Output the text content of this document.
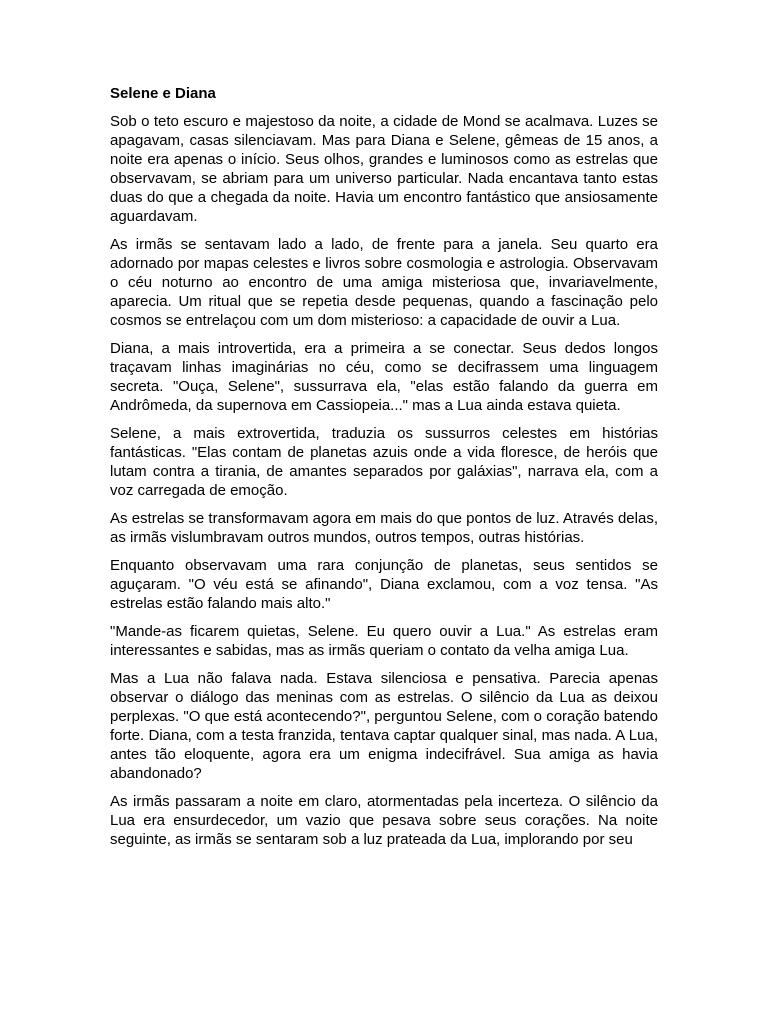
Selene e Diana

Sob o teto escuro e majestoso da noite, a cidade de Mond se acalmava. Luzes se apagavam, casas silenciavam. Mas para Diana e Selene, gêmeas de 15 anos, a noite era apenas o início. Seus olhos, grandes e luminosos como as estrelas que observavam, se abriam para um universo particular. Nada encantava tanto estas duas do que a chegada da noite. Havia um encontro fantástico que ansiosamente aguardavam.

As irmãs se sentavam lado a lado, de frente para a janela. Seu quarto era adornado por mapas celestes e livros sobre cosmologia e astrologia. Observavam o céu noturno ao encontro de uma amiga misteriosa que, invariavelmente, aparecia. Um ritual que se repetia desde pequenas, quando a fascinação pelo cosmos se entrelaçou com um dom misterioso: a capacidade de ouvir a Lua.

Diana, a mais introvertida, era a primeira a se conectar. Seus dedos longos traçavam linhas imaginárias no céu, como se decifrassem uma linguagem secreta. "Ouça, Selene", sussurrava ela, "elas estão falando da guerra em Andrômeda, da supernova em Cassiopeia..." mas a Lua ainda estava quieta.

Selene, a mais extrovertida, traduzia os sussurros celestes em histórias fantásticas. "Elas contam de planetas azuis onde a vida floresce, de heróis que lutam contra a tirania, de amantes separados por galáxias", narrava ela, com a voz carregada de emoção.

As estrelas se transformavam agora em mais do que pontos de luz. Através delas, as irmãs vislumbravam outros mundos, outros tempos, outras histórias.

Enquanto observavam uma rara conjunção de planetas, seus sentidos se aguçaram. "O véu está se afinando", Diana exclamou, com a voz tensa. "As estrelas estão falando mais alto."

"Mande-as ficarem quietas, Selene. Eu quero ouvir a Lua." As estrelas eram interessantes e sabidas, mas as irmãs queriam o contato da velha amiga Lua.

Mas a Lua não falava nada. Estava silenciosa e pensativa. Parecia apenas observar o diálogo das meninas com as estrelas. O silêncio da Lua as deixou perplexas. "O que está acontecendo?", perguntou Selene, com o coração batendo forte. Diana, com a testa franzida, tentava captar qualquer sinal, mas nada. A Lua, antes tão eloquente, agora era um enigma indecifrável. Sua amiga as havia abandonado?

As irmãs passaram a noite em claro, atormentadas pela incerteza. O silêncio da Lua era ensurdecedor, um vazio que pesava sobre seus corações. Na noite seguinte, as irmãs se sentaram sob a luz prateada da Lua, implorando por seu
